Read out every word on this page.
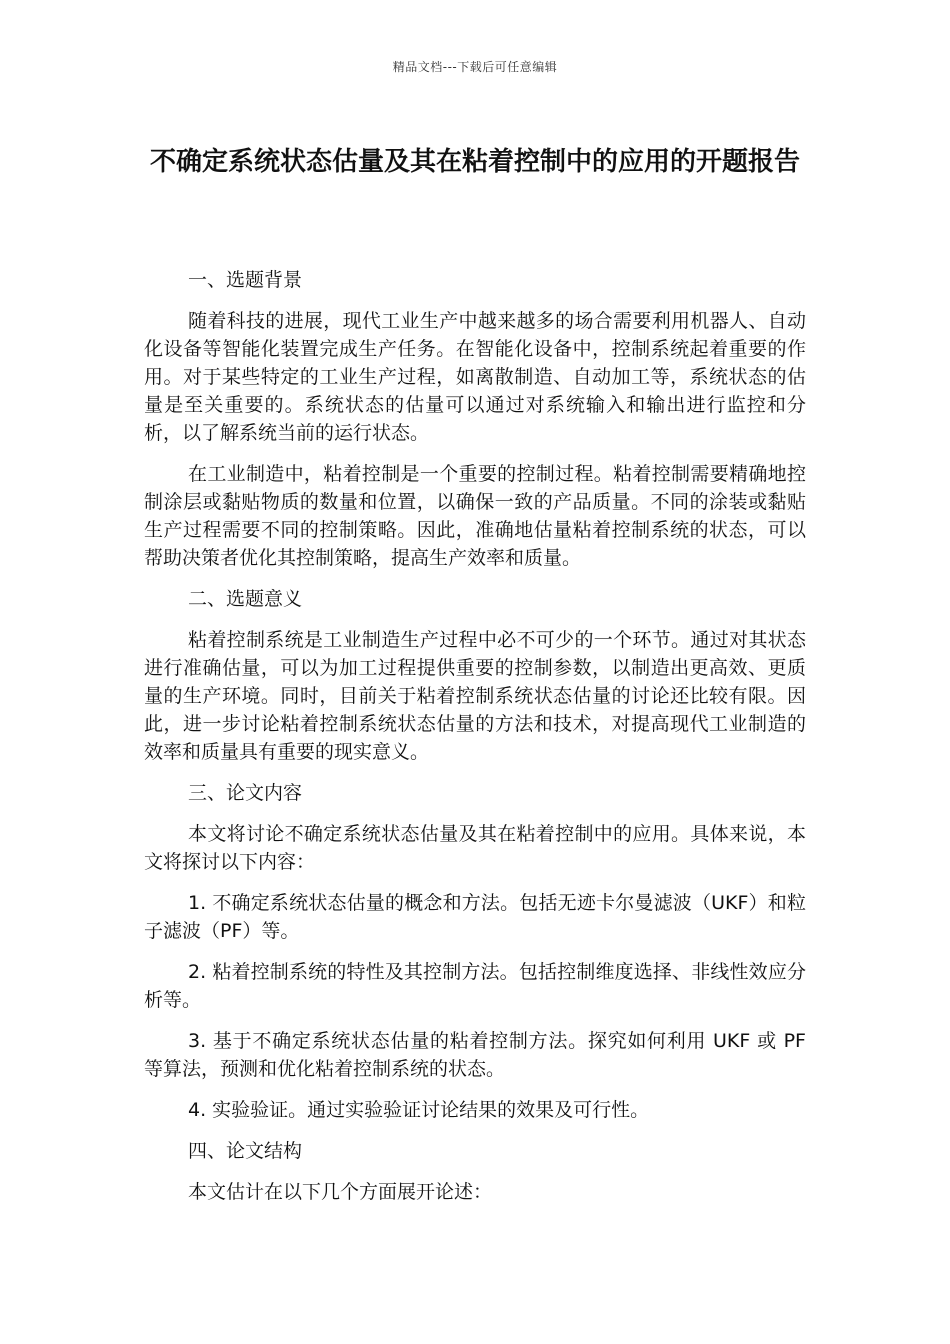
精品文档---下载后可任意编辑
不确定系统状态估量及其在粘着控制中的应用的开题报告

一、选题背景

随着科技的进展，现代工业生产中越来越多的场合需要利用机器人、自动化设备等智能化装置完成生产任务。在智能化设备中，控制系统起着重要的作用。对于某些特定的工业生产过程，如离散制造、自动加工等，系统状态的估量是至关重要的。系统状态的估量可以通过对系统输入和输出进行监控和分析，以了解系统当前的运行状态。

在工业制造中，粘着控制是一个重要的控制过程。粘着控制需要精确地控制涂层或黏贴物质的数量和位置，以确保一致的产品质量。不同的涂装或黏贴生产过程需要不同的控制策略。因此，准确地估量粘着控制系统的状态，可以帮助决策者优化其控制策略，提高生产效率和质量。

二、选题意义

粘着控制系统是工业制造生产过程中必不可少的一个环节。通过对其状态进行准确估量，可以为加工过程提供重要的控制参数，以制造出更高效、更质量的生产环境。同时，目前关于粘着控制系统状态估量的讨论还比较有限。因此，进一步讨论粘着控制系统状态估量的方法和技术，对提高现代工业制造的效率和质量具有重要的现实意义。

三、论文内容

本文将讨论不确定系统状态估量及其在粘着控制中的应用。具体来说，本文将探讨以下内容：

1. 不确定系统状态估量的概念和方法。包括无迹卡尔曼滤波（UKF）和粒子滤波（PF）等。

2. 粘着控制系统的特性及其控制方法。包括控制维度选择、非线性效应分析等。

3. 基于不确定系统状态估量的粘着控制方法。探究如何利用 UKF 或 PF 等算法，预测和优化粘着控制系统的状态。

4. 实验验证。通过实验验证讨论结果的效果及可行性。

四、论文结构

本文估计在以下几个方面展开论述：
